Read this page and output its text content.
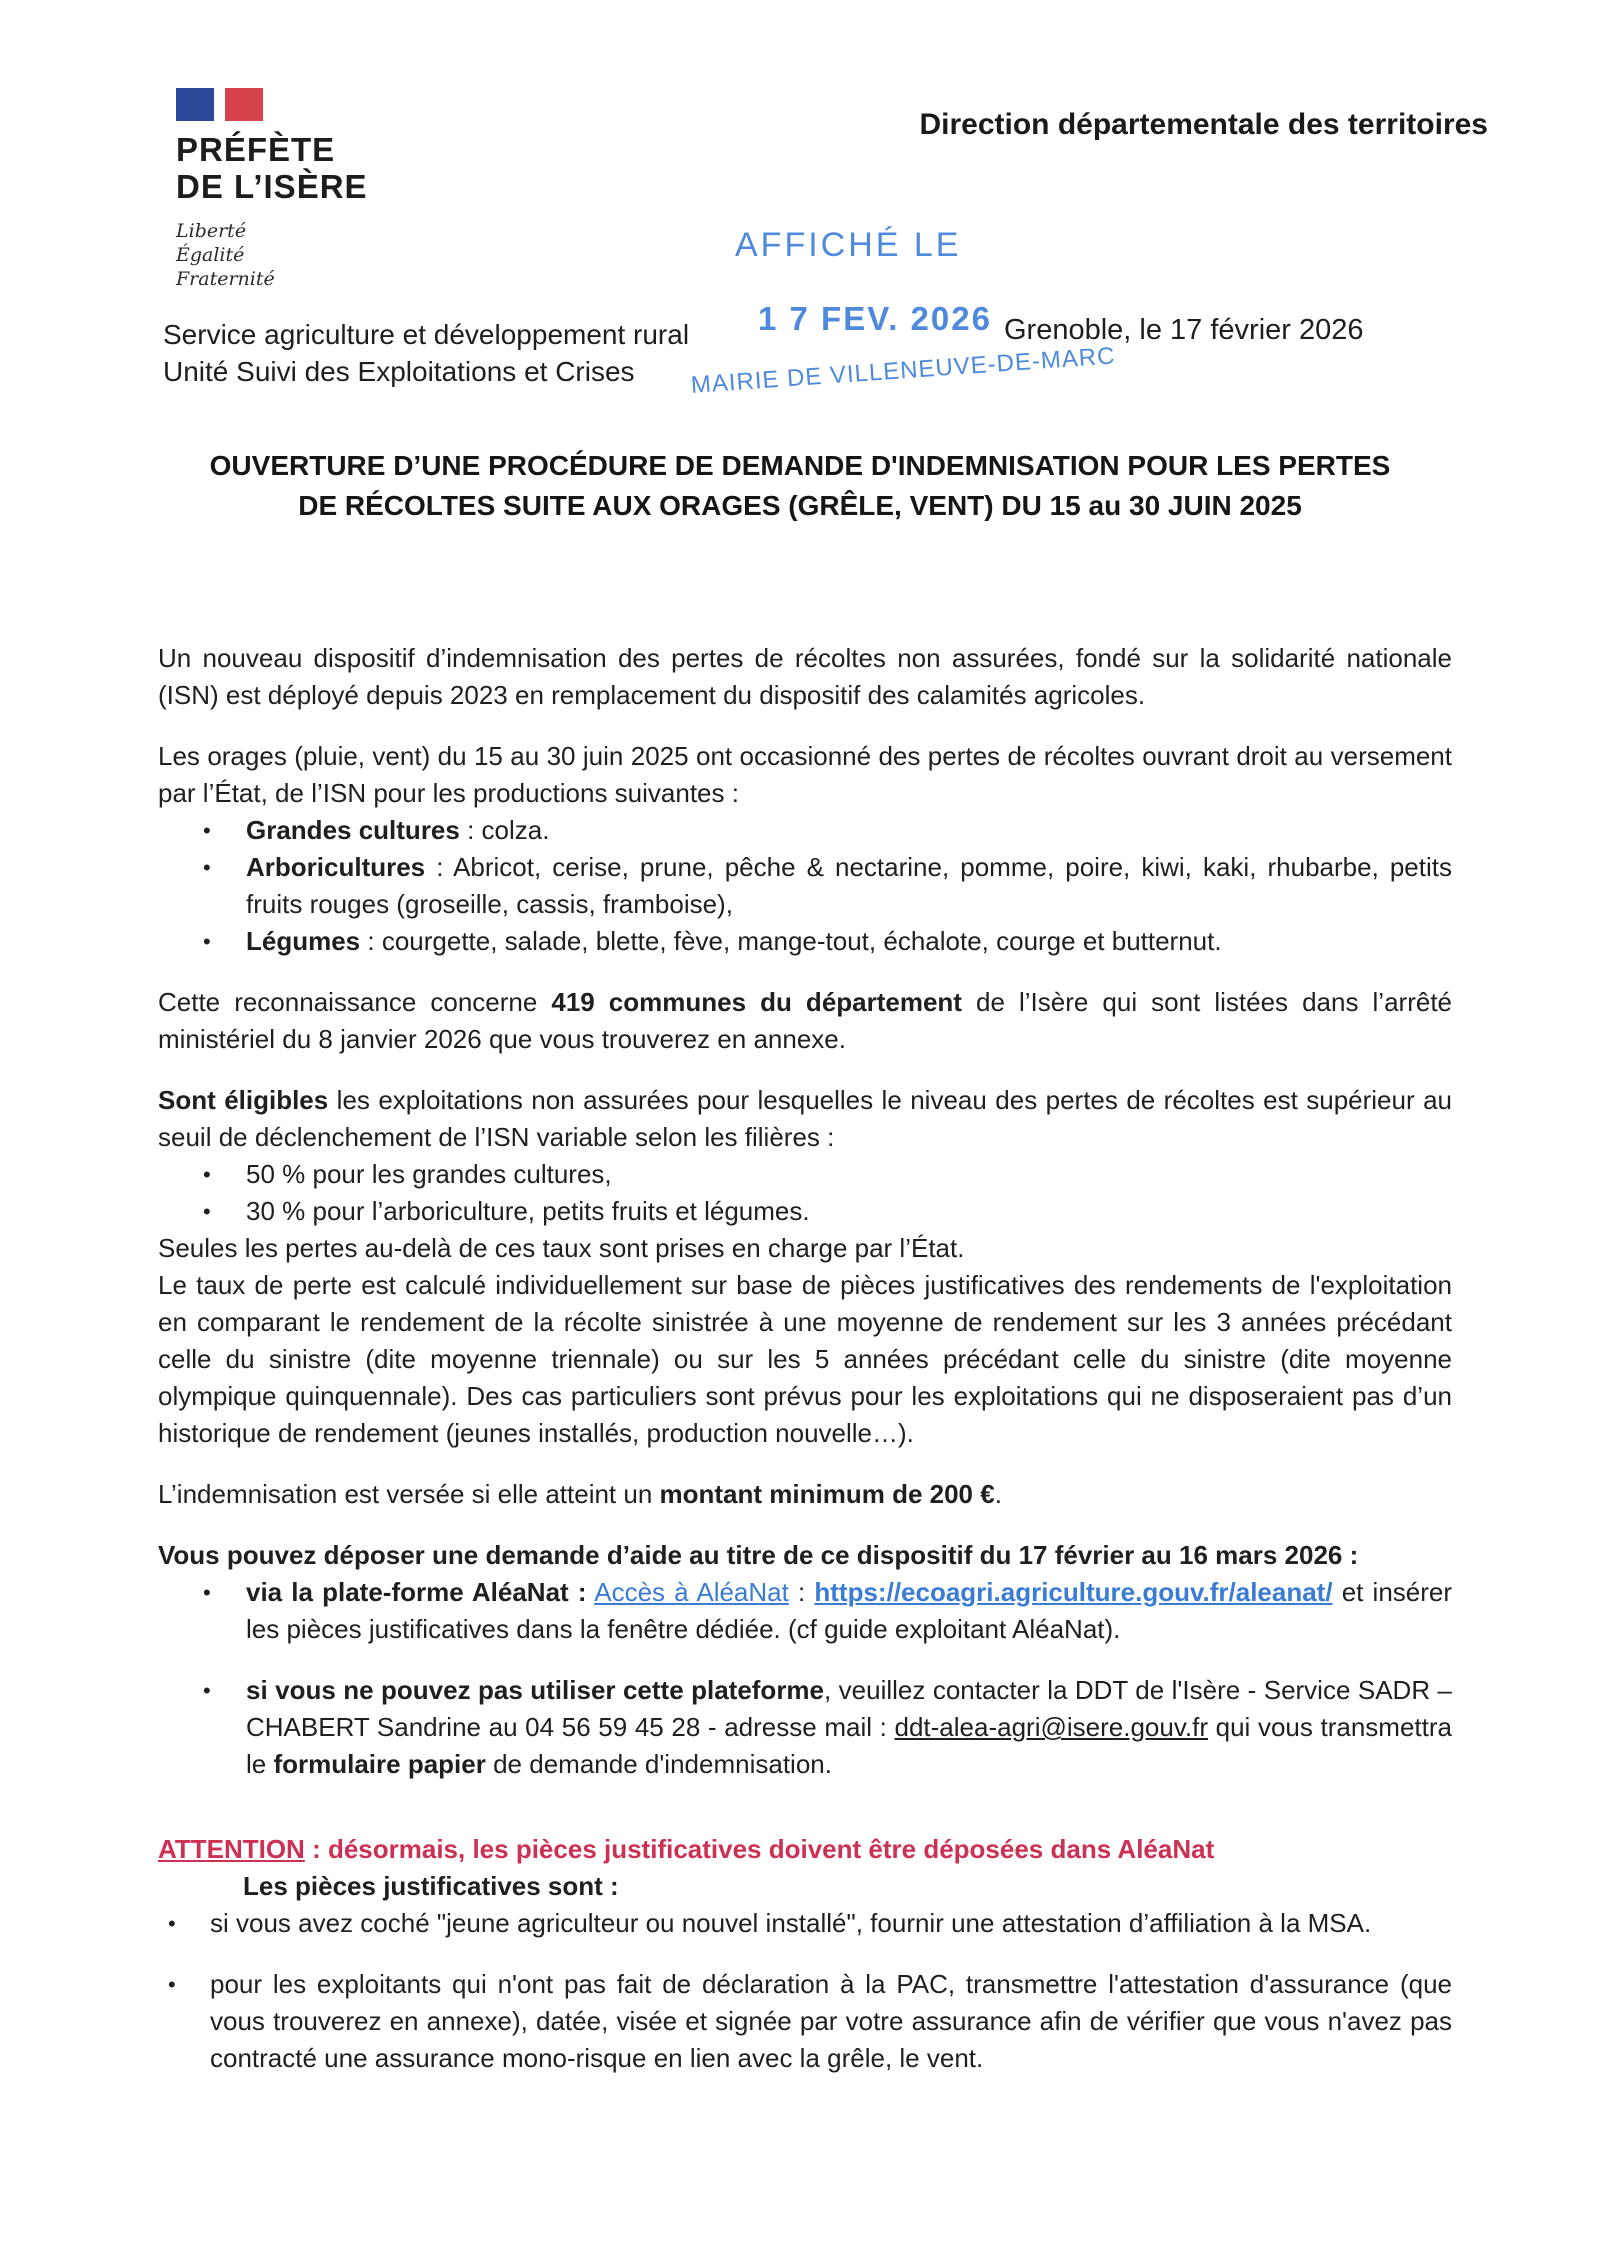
PRÉFÈTE
DE L’ISÈRE
Liberté
Égalité
Fraternité
Direction départementale des territoires
AFFICHÉ LE
1 7 FEV. 2026
MAIRIE DE VILLENEUVE-DE-MARC
Grenoble, le 17 février 2026
Service agriculture et développement rural
Unité Suivi des Exploitations et Crises
OUVERTURE D’UNE PROCÉDURE DE DEMANDE D'INDEMNISATION POUR LES PERTES
DE RÉCOLTES SUITE AUX ORAGES (GRÊLE, VENT) DU 15 au 30 JUIN 2025

Un nouveau dispositif d’indemnisation des pertes de récoltes non assurées, fondé sur la solidarité nationale (ISN) est déployé depuis 2023 en remplacement du dispositif des calamités agricoles.

Les orages (pluie, vent) du 15 au 30 juin 2025 ont occasionné des pertes de récoltes ouvrant droit au versement par l’État, de l’ISN pour les productions suivantes :

•	Grandes cultures : colza.
•	Arboricultures : Abricot, cerise, prune, pêche & nectarine, pomme, poire, kiwi, kaki, rhubarbe, petits fruits rouges (groseille, cassis, framboise),
•	Légumes : courgette, salade, blette, fève, mange-tout, échalote, courge et butternut.

Cette reconnaissance concerne 419 communes du département de l’Isère qui sont listées dans l’arrêté ministériel du 8 janvier 2026 que vous trouverez en annexe.

Sont éligibles les exploitations non assurées pour lesquelles le niveau des pertes de récoltes est supérieur au seuil de déclenchement de l’ISN variable selon les filières :

•	50 % pour les grandes cultures,
•	30 % pour l’arboriculture, petits fruits et légumes.

Seules les pertes au-delà de ces taux sont prises en charge par l’État.

Le taux de perte est calculé individuellement sur base de pièces justificatives des rendements de l'exploitation en comparant le rendement de la récolte sinistrée à une moyenne de rendement sur les 3 années précédant celle du sinistre (dite moyenne triennale) ou sur les 5 années précédant celle du sinistre (dite moyenne olympique quinquennale). Des cas particuliers sont prévus pour les exploitations qui ne disposeraient pas d’un historique de rendement (jeunes installés, production nouvelle…).

L’indemnisation est versée si elle atteint un montant minimum de 200 €.

Vous pouvez déposer une demande d’aide au titre de ce dispositif du 17 février au 16 mars 2026 :

•	via la plate-forme AléaNat : Accès à AléaNat : https://ecoagri.agriculture.gouv.fr/aleanat/ et insérer les pièces justificatives dans la fenêtre dédiée. (cf guide exploitant AléaNat).
•	si vous ne pouvez pas utiliser cette plateforme, veuillez contacter la DDT de l'Isère - Service SADR – CHABERT Sandrine au 04 56 59 45 28 - adresse mail : ddt-alea-agri@isere.gouv.fr qui vous transmettra le formulaire papier de demande d'indemnisation.

ATTENTION : désormais, les pièces justificatives doivent être déposées dans AléaNat

Les pièces justificatives sont :

•	si vous avez coché "jeune agriculteur ou nouvel installé", fournir une attestation d’affiliation à la MSA.
•	pour les exploitants qui n'ont pas fait de déclaration à la PAC, transmettre l'attestation d'assurance (que vous trouverez en annexe), datée, visée et signée par votre assurance afin de vérifier que vous n'avez pas contracté une assurance mono-risque en lien avec la grêle, le vent.
